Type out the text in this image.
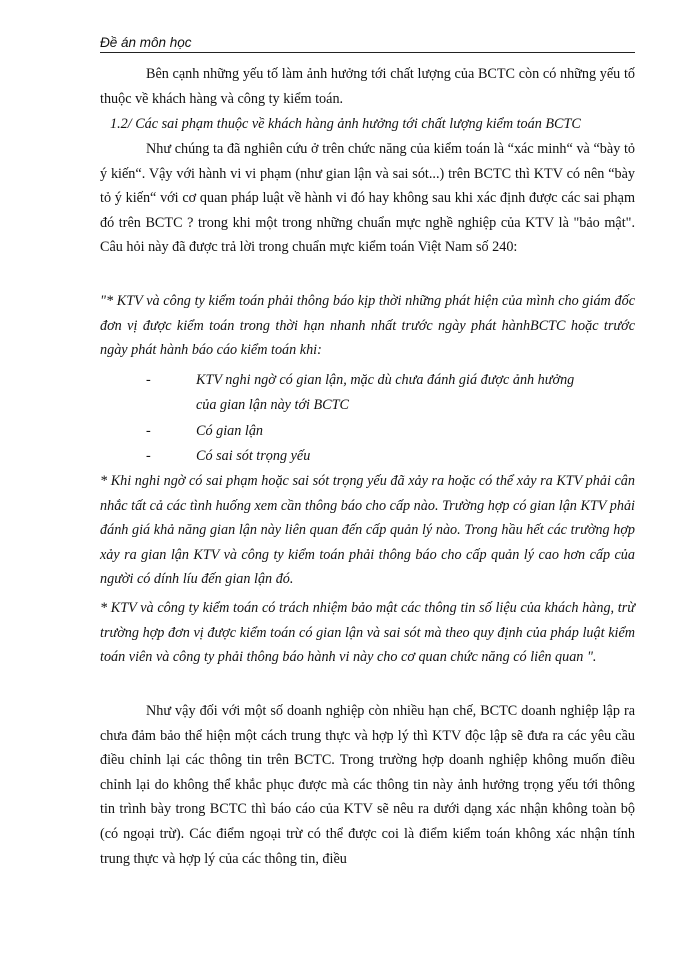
Đề án môn học

Bên cạnh những yếu tố làm ảnh hưởng tới chất lượng của BCTC còn có những yếu tố thuộc về khách hàng và công ty kiểm toán.

1.2/ Các sai phạm thuộc về khách hàng ảnh hưởng tới chất lượng kiểm toán BCTC

Như chúng ta đã nghiên cứu ở trên chức năng của kiểm toán là “xác minh“ và “bày tỏ ý kiến“. Vậy với hành vi vi phạm (như gian lận và sai sót...) trên BCTC thì KTV có nên “bày tỏ ý kiến“ với cơ quan pháp luật về hành vi đó hay không sau khi xác định được các sai phạm đó trên BCTC ? trong khi một trong những chuẩn mực nghề nghiệp của KTV là "bảo mật". Câu hỏi này đã được trả lời trong chuẩn mực kiểm toán Việt Nam số 240:

"* KTV và công ty kiểm toán phải thông báo kịp thời những phát hiện của mình cho giám đốc đơn vị được kiểm toán trong thời hạn nhanh nhất trước ngày phát hànhBCTC hoặc trước ngày phát hành báo cáo kiểm toán khi:

-	KTV nghi ngờ có gian lận, mặc dù chưa đánh giá được ảnh hưởng của gian lận này tới BCTC

-	Có gian lận

-	Có sai sót trọng yếu

* Khi nghi ngờ có sai phạm hoặc sai sót trọng yếu đã xảy ra hoặc có thể xảy ra KTV phải cân nhắc tất cả các tình huống xem cần thông báo cho cấp nào. Trường hợp có gian lận KTV phải đánh giá khả năng gian lận này liên quan đến cấp quản lý nào. Trong hầu hết các trường hợp xảy ra gian lận KTV và công ty kiểm toán phải thông báo cho cấp quản lý cao hơn cấp của người có dính líu đến gian lận đó.

* KTV và công ty kiểm toán có trách nhiệm bảo mật các thông tin số liệu của khách hàng, trừ trường hợp đơn vị được kiểm toán có gian lận và sai sót mà theo quy định của pháp luật kiểm toán viên và công ty phải thông báo hành vi này cho cơ quan chức năng có liên quan ".

Như vậy đối với một số doanh nghiệp còn nhiều hạn chế, BCTC doanh nghiệp lập ra chưa đảm bảo thể hiện một cách trung thực và hợp lý thì KTV độc lập sẽ đưa ra các yêu cầu điều chỉnh lại các thông tin trên BCTC. Trong trường hợp doanh nghiệp không muốn điều chỉnh lại do không thể khắc phục được mà các thông tin này ảnh hưởng trọng yếu tới thông tin trình bày trong BCTC thì báo cáo của KTV sẽ nêu ra dưới dạng xác nhận không toàn bộ (có ngoại trừ). Các điểm ngoại trừ có thể được coi là điểm kiểm toán không xác nhận tính trung thực và hợp lý của các thông tin, điều
